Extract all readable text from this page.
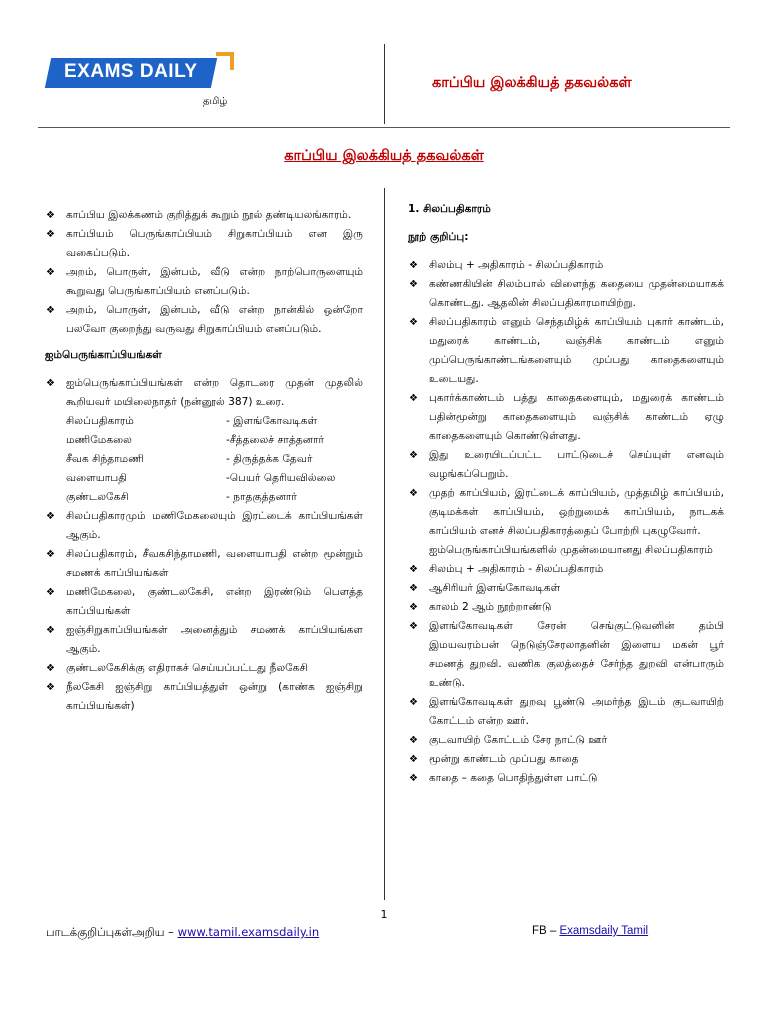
EXAMS DAILY
தமிழ்
காப்பிய இலக்கியத் தகவல்கள்
காப்பிய இலக்கியத் தகவல்கள்
❖ காப்பிய இலக்கணம் குறித்துக் கூறும் நூல் தண்டியலங்காரம்.
❖ காப்பியம் பெருங்காப்பியம் சிறுகாப்பியம் என இரு வகைப்படும்.
❖ அறம், பொருள், இன்பம், வீடு என்ற நாற்பொருளையும் கூறுவது பெருங்காப்பியம் எனப்படும்.
❖ அறம், பொருள், இன்பம், வீடு என்ற நான்கில் ஒன்றோ பலவோ குறைந்து வருவது சிறுகாப்பியம் எனப்படும்.
ஐம்பெருங்காப்பியங்கள்
❖ ஐம்பெருங்காப்பியங்கள் என்ற தொடரை முதன் முதலில் கூறியவர் மயிலைநாதர் (நன்னூல் 387) உரை.
சிலப்பதிகாரம்	- இளங்கோவடிகள்
மணிமேகலை	-சீத்தலைச் சாத்தனார்
சீவக சிந்தாமணி	- திருத்தக்க தேவர்
வளையாபதி	-பெயர் தெரியவில்லை
குண்டலகேசி	- நாதகுத்தனார்
❖ சிலப்பதிகாரமும் மணிமேகலையும் இரட்டைக் காப்பியங்கள் ஆகும்.
❖ சிலப்பதிகாரம், சீவகசிந்தாமணி, வளையாபதி என்ற மூன்றும் சமணக் காப்பியங்கள்
❖ மணிமேகலை, குண்டலகேசி, என்ற இரண்டும் பௌத்த காப்பியங்கள்
❖ ஐஞ்சிறுகாப்பியங்கள் அனைத்தும் சமணக் காப்பியங்கள ஆகும்.
❖ குண்டலகேசிக்கு எதிராகச் செய்யப்பட்டது நீலகேசி
❖ நீலகேசி ஐஞ்சிறு காப்பியத்துள் ஒன்று (காண்க ஐஞ்சிறு காப்பியங்கள்)
1. சிலப்பதிகாரம்
நூற் குறிப்பு:
❖ சிலம்பு + அதிகாரம் - சிலப்பதிகாரம்
❖ கண்ணகியின் சிலம்பால் விளைந்த கதையை முதன்மையாகக் கொண்டது. ஆதலின் சிலப்பதிகாரமாயிற்று.
❖ சிலப்பதிகாரம் எனும் செந்தமிழ்க் காப்பியம் புகார் காண்டம், மதுரைக் காண்டம், வஞ்சிக் காண்டம் எனும் முப்பெருங்காண்டங்களையும் முப்பது காதைகளையும் உடையது.
❖ புகார்க்காண்டம் பத்து காதைகளையும், மதுரைக் காண்டம் பதின்மூன்று காதைகளையும் வஞ்சிக் காண்டம் ஏழு காதைகளையும் கொண்டுள்ளது.
❖ இது உரையிடப்பட்ட பாட்டுடைச் செய்யுள் எனவும் வழங்கப்பெறும்.
❖ முதற் காப்பியம், இரட்டைக் காப்பியம், முத்தமிழ் காப்பியம், குடிமக்கள் காப்பியம், ஒற்றுமைக் காப்பியம், நாடகக் காப்பியம் எனச் சிலப்பதிகாரத்தைப் போற்றி புகழுவோர்.
ஐம்பெருங்காப்பியங்களில் முதன்மையானது சிலப்பதிகாரம்
❖ சிலம்பு + அதிகாரம் - சிலப்பதிகாரம்
❖ ஆசிரியர் இளங்கோவடிகள்
❖ காலம் 2 ஆம் நூற்றாண்டு
❖ இளங்கோவடிகள் சேரன் செங்குட்டுவனின் தம்பி இமயவரம்பன் நெடுஞ்சேரலாதனின் இளைய மகன் பூர் சமணத் துறவி. வணிக குலத்தைச் சேர்ந்த துறவி என்பாரும் உண்டு.
❖ இளங்கோவடிகள் துறவு பூண்டு அமர்ந்த இடம் குடவாயிற் கோட்டம் என்ற ஊர்.
❖ குடவாயிற் கோட்டம் சேர நாட்டு ஊர்
❖ மூன்று காண்டம் முப்பது காதை
❖ காதை – கதை பொதிந்துள்ள பாட்டு
1
பாடக்குறிப்புகள்அறிய – www.tamil.examsdaily.in	FB – Examsdaily Tamil
